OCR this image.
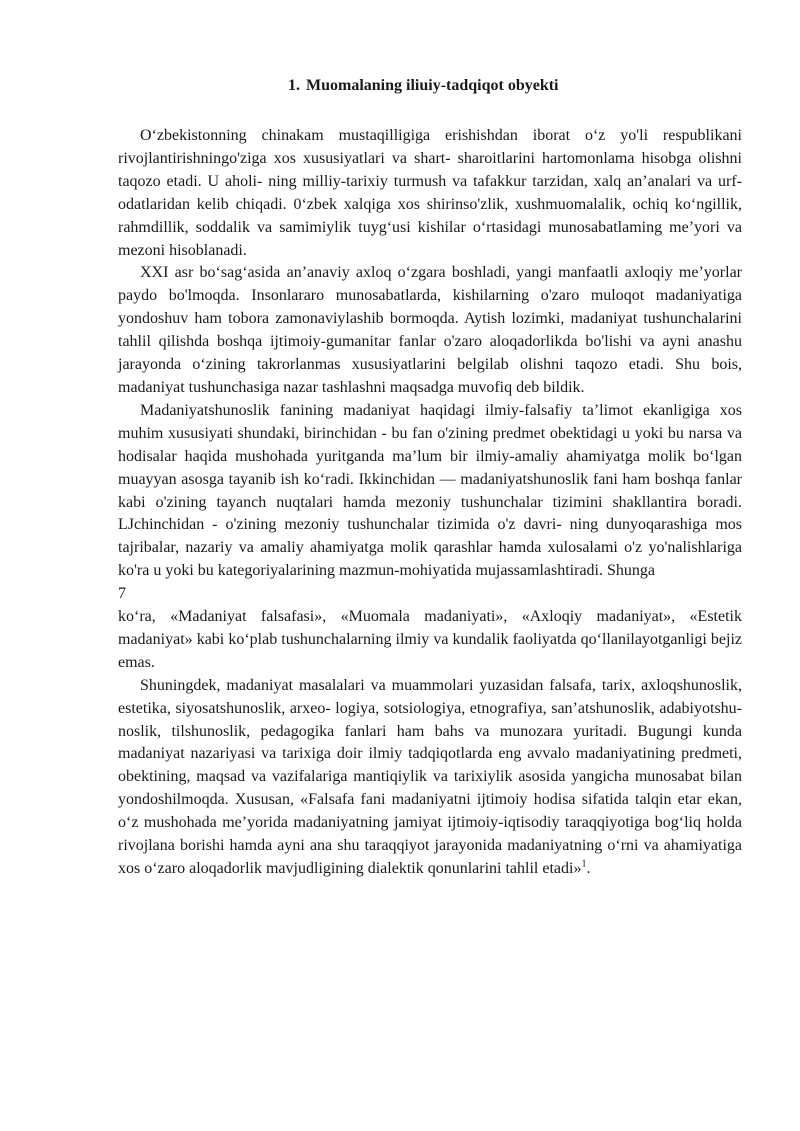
1. Muomalaning iliuiy-tadqiqot obyekti

O‘zbekistonning chinakam mustaqilligiga erishishdan iborat o‘z yo'li respublikani rivojlantirishningo'ziga xos xususiyatlari va shart- sharoitlarini hartomonlama hisobga olishni taqozo etadi. U aholi- ning milliy-tarixiy turmush va tafakkur tarzidan, xalq an’analari va urf-odatlaridan kelib chiqadi. 0‘zbek xalqiga xos shirinso'zlik, xushmuomalalik, ochiq ko‘ngillik, rahmdillik, soddalik va samimiylik tuyg‘usi kishilar o‘rtasidagi munosabatlaming me’yori va mezoni hisoblanadi.

XXI asr bo‘sag‘asida an’anaviy axloq o‘zgara boshladi, yangi manfaatli axloqiy me’yorlar paydo bo'lmoqda. Insonlararo munosabatlarda, kishilarning o'zaro muloqot madaniyatiga yondoshuv ham tobora zamonaviylashib bormoqda. Aytish lozimki, madaniyat tushunchalarini tahlil qilishda boshqa ijtimoiy-gumanitar fanlar o'zaro aloqadorlikda bo'lishi va ayni anashu jarayonda o‘zining takrorlanmas xususiyatlarini belgilab olishni taqozo etadi. Shu bois, madaniyat tushunchasiga nazar tashlashni maqsadga muvofiq deb bildik.

Madaniyatshunoslik fanining madaniyat haqidagi ilmiy-falsafiy ta’limot ekanligiga xos muhim xususiyati shundaki, birinchidan - bu fan o'zining predmet obektidagi u yoki bu narsa va hodisalar haqida mushohada yuritganda ma’lum bir ilmiy-amaliy ahamiyatga molik bo‘lgan muayyan asosga tayanib ish ko‘radi. Ikkinchidan — madaniyatshunoslik fani ham boshqa fanlar kabi o'zining tayanch nuqtalari hamda mezoniy tushunchalar tizimini shakllantira boradi. LJchinchidan - o'zining mezoniy tushunchalar tizimida o'z davri- ning dunyoqarashiga mos tajribalar, nazariy va amaliy ahamiyatga molik qarashlar hamda xulosalami o'z yo'nalishlariga ko'ra u yoki bu kategoriyalarining mazmun-mohiyatida mujassamlashtiradi. Shunga

7

ko‘ra, «Madaniyat falsafasi», «Muomala madaniyati», «Axloqiy madaniyat», «Estetik madaniyat» kabi ko‘plab tushunchalarning ilmiy va kundalik faoliyatda qo‘llanilayotganligi bejiz emas.

Shuningdek, madaniyat masalalari va muammolari yuzasidan falsafa, tarix, axloqshunoslik, estetika, siyosatshunoslik, arxeo- logiya, sotsiologiya, etnografiya, san’atshunoslik, adabiyotshu- noslik, tilshunoslik, pedagogika fanlari ham bahs va munozara yuritadi. Bugungi kunda madaniyat nazariyasi va tarixiga doir ilmiy tadqiqotlarda eng avvalo madaniyatining predmeti, obektining, maqsad va vazifalariga mantiqiylik va tarixiylik asosida yangicha munosabat bilan yondoshilmoqda. Xususan, «Falsafa fani madaniyatni ijtimoiy hodisa sifatida talqin etar ekan, o‘z mushohada me’yorida madaniyatning jamiyat ijtimoiy-iqtisodiy taraqqiyotiga bog‘liq holda rivojlana borishi hamda ayni ana shu taraqqiyot jarayonida madaniyatning o‘rni va ahamiyatiga xos o‘zaro aloqadorlik mavjudligining dialektik qonunlarini tahlil etadi»$^1$.
